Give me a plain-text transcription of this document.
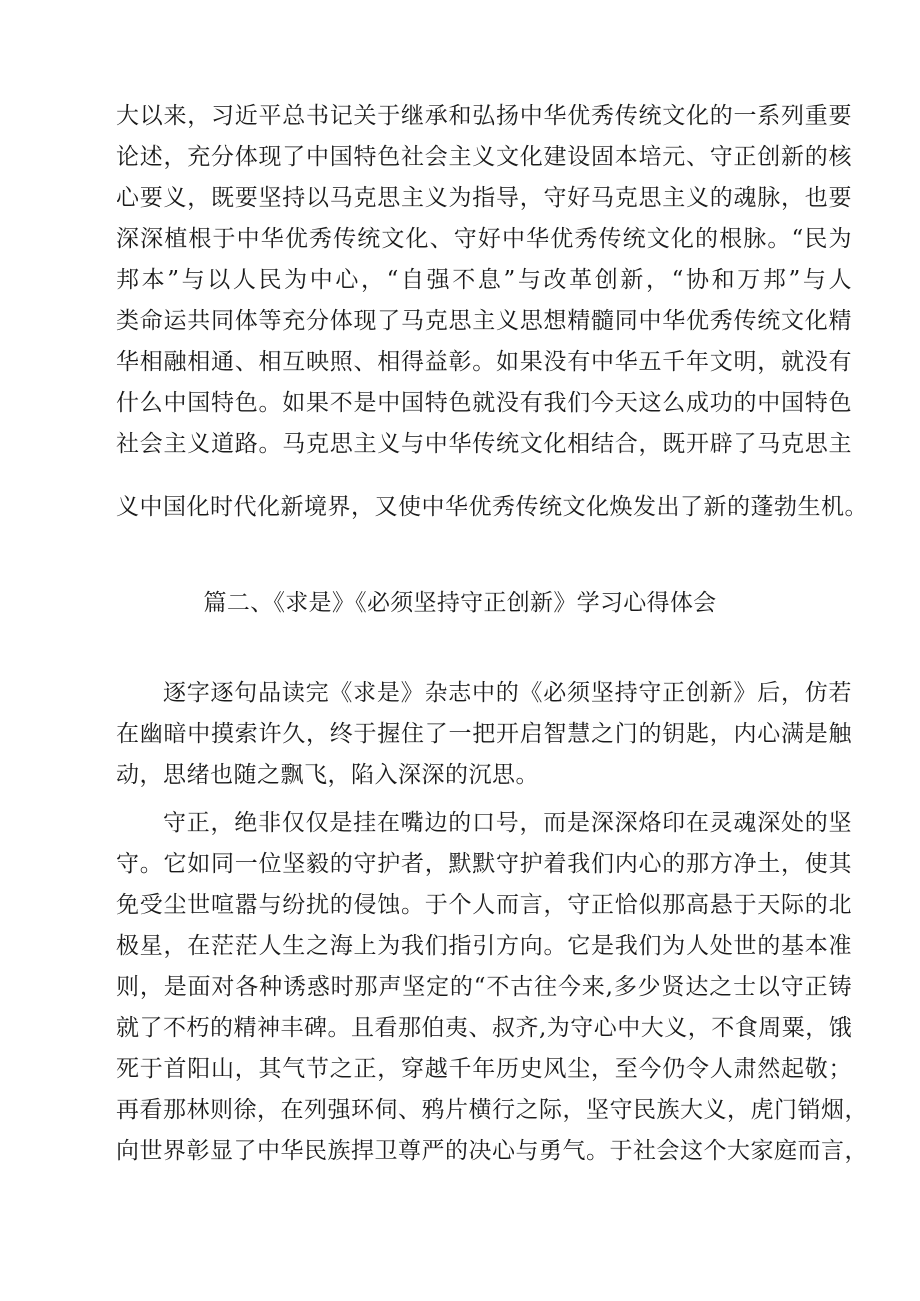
大以来，习近平总书记关于继承和弘扬中华优秀传统文化的一系列重要
论述，充分体现了中国特色社会主义文化建设固本培元、守正创新的核
心要义，既要坚持以马克思主义为指导，守好马克思主义的魂脉，也要
深深植根于中华优秀传统文化、守好中华优秀传统文化的根脉。“民为
邦本”与以人民为中心，“自强不息”与改革创新，“协和万邦”与人
类命运共同体等充分体现了马克思主义思想精髓同中华优秀传统文化精
华相融相通、相互映照、相得益彰。如果没有中华五千年文明，就没有
什么中国特色。如果不是中国特色就没有我们今天这么成功的中国特色
社会主义道路。马克思主义与中华传统文化相结合，既开辟了马克思主
义中国化时代化新境界，又使中华优秀传统文化焕发出了新的蓬勃生机。
篇二、《求是》《必须坚持守正创新》学习心得体会
逐字逐句品读完《求是》杂志中的《必须坚持守正创新》后，仿若
在幽暗中摸索许久，终于握住了一把开启智慧之门的钥匙，内心满是触
动，思绪也随之飘飞，陷入深深的沉思。
守正，绝非仅仅是挂在嘴边的口号，而是深深烙印在灵魂深处的坚
守。它如同一位坚毅的守护者，默默守护着我们内心的那方净土，使其
免受尘世喧嚣与纷扰的侵蚀。于个人而言，守正恰似那高悬于天际的北
极星，在茫茫人生之海上为我们指引方向。它是我们为人处世的基本准
则，是面对各种诱惑时那声坚定的“不古往今来,多少贤达之士以守正铸
就了不朽的精神丰碑。且看那伯夷、叔齐,为守心中大义，不食周粟，饿
死于首阳山，其气节之正，穿越千年历史风尘，至今仍令人肃然起敬；
再看那林则徐，在列强环伺、鸦片横行之际，坚守民族大义，虎门销烟，
向世界彰显了中华民族捍卫尊严的决心与勇气。于社会这个大家庭而言，
